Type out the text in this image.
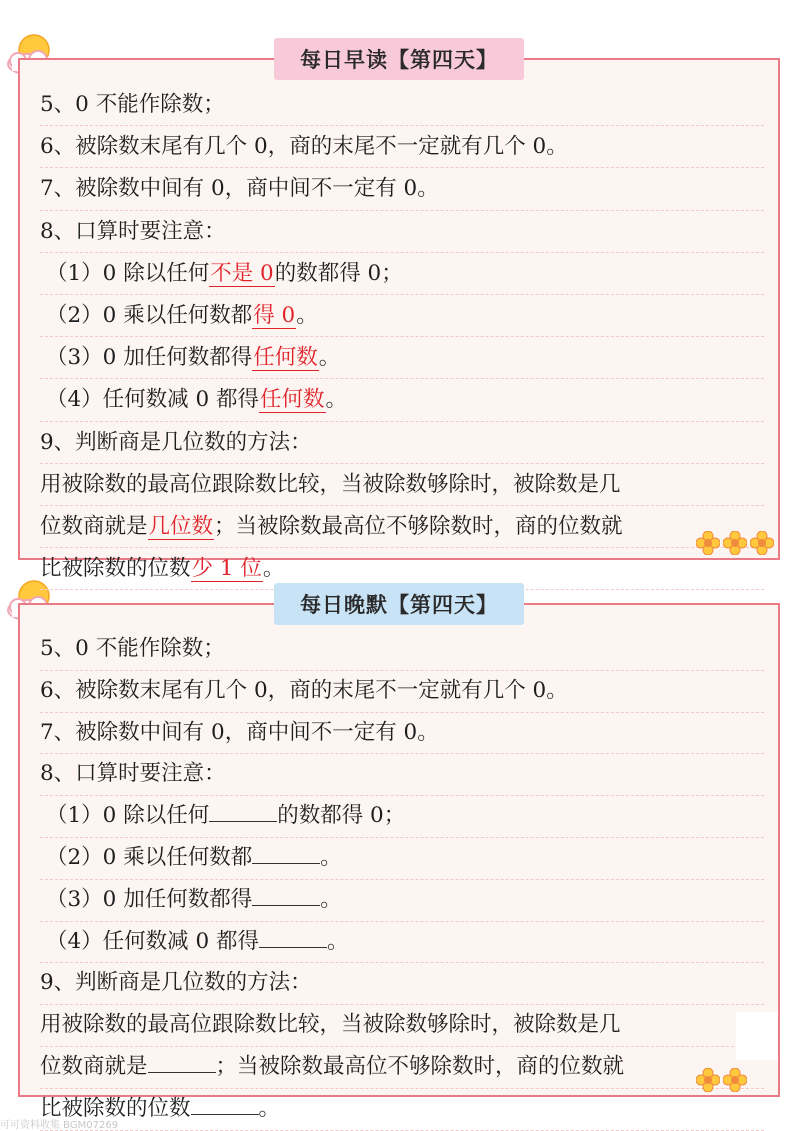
每日早读【第四天】
5、0 不能作除数；
6、被除数末尾有几个 0，商的末尾不一定就有几个 0。
7、被除数中间有 0，商中间不一定有 0。
8、口算时要注意：
（1）0 除以任何不是 0的数都得 0；
（2）0 乘以任何数都得 0。
（3）0 加任何数都得任何数。
（4）任何数减 0 都得任何数。
9、判断商是几位数的方法：
用被除数的最高位跟除数比较，当被除数够除时，被除数是几
位数商就是几位数；当被除数最高位不够除数时，商的位数就
比被除数的位数少 1 位。
每日晚默【第四天】
5、0 不能作除数；
6、被除数末尾有几个 0，商的末尾不一定就有几个 0。
7、被除数中间有 0，商中间不一定有 0。
8、口算时要注意：
（1）0 除以任何	的数都得 0；
（2）0 乘以任何数都	。
（3）0 加任何数都得	。
（4）任何数减 0 都得	。
9、判断商是几位数的方法：
用被除数的最高位跟除数比较，当被除数够除时，被除数是几
位数商就是	；当被除数最高位不够除数时，商的位数就
比被除数的位数	。
可可资料收集 BGM07269
